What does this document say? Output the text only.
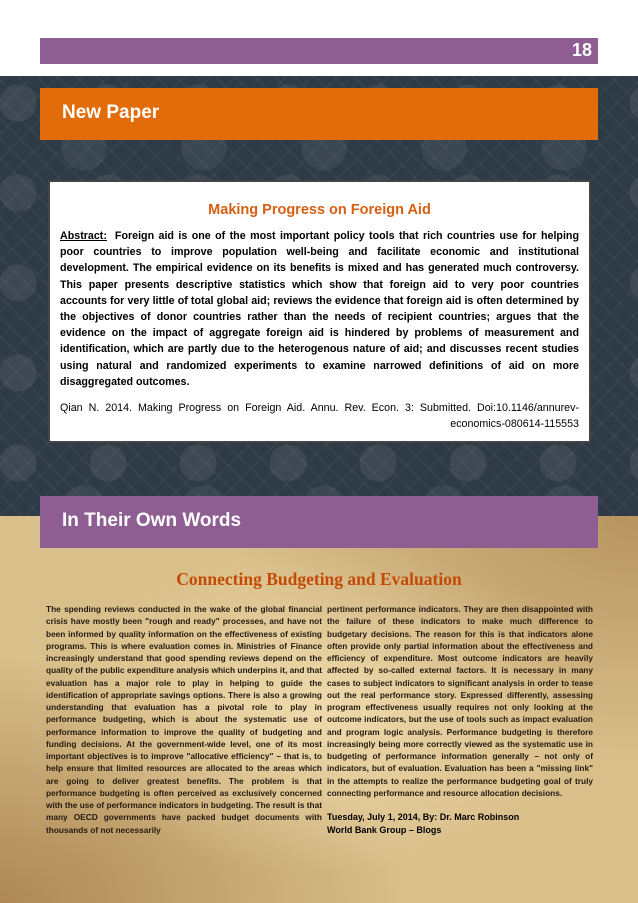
18
New Paper
Making Progress on Foreign Aid
Abstract: Foreign aid is one of the most important policy tools that rich countries use for helping poor countries to improve population well-being and facilitate economic and institutional development. The empirical evidence on its benefits is mixed and has generated much controversy. This paper presents descriptive statistics which show that foreign aid to very poor countries accounts for very little of total global aid; reviews the evidence that foreign aid is often determined by the objectives of donor countries rather than the needs of recipient countries; argues that the evidence on the impact of aggregate foreign aid is hindered by problems of measurement and identification, which are partly due to the heterogenous nature of aid; and discusses recent studies using natural and randomized experiments to examine narrowed definitions of aid on more disaggregated outcomes.
Qian N. 2014. Making Progress on Foreign Aid. Annu. Rev. Econ. 3: Submitted. Doi:10.1146/annurev-economics-080614-115553
In Their Own Words
Connecting Budgeting and Evaluation

The spending reviews conducted in the wake of the global financial crisis have mostly been "rough and ready" processes, and have not been informed by quality information on the effectiveness of existing programs. This is where evaluation comes in. Ministries of Finance increasingly understand that good spending reviews depend on the quality of the public expenditure analysis which underpins it, and that evaluation has a major role to play in helping to guide the identification of appropriate savings options. There is also a growing understanding that evaluation has a pivotal role to play in performance budgeting, which is about the systematic use of performance information to improve the quality of budgeting and funding decisions. At the government-wide level, one of its most important objectives is to improve "allocative efficiency" – that is, to help ensure that limited resources are allocated to the areas which are going to deliver greatest benefits. The problem is that performance budgeting is often perceived as exclusively concerned with the use of performance indicators in budgeting. The result is that many OECD governments have packed budget documents with thousands of not necessarily

pertinent performance indicators. They are then disappointed with the failure of these indicators to make much difference to budgetary decisions. The reason for this is that indicators alone often provide only partial information about the effectiveness and efficiency of expenditure. Most outcome indicators are heavily affected by so-called external factors. It is necessary in many cases to subject indicators to significant analysis in order to tease out the real performance story. Expressed differently, assessing program effectiveness usually requires not only looking at the outcome indicators, but the use of tools such as impact evaluation and program logic analysis. Performance budgeting is therefore increasingly being more correctly viewed as the systematic use in budgeting of performance information generally – not only of indicators, but of evaluation. Evaluation has been a "missing link" in the attempts to realize the performance budgeting goal of truly connecting performance and resource allocation decisions.

Tuesday, July 1, 2014, By: Dr. Marc Robinson
World Bank Group – Blogs
